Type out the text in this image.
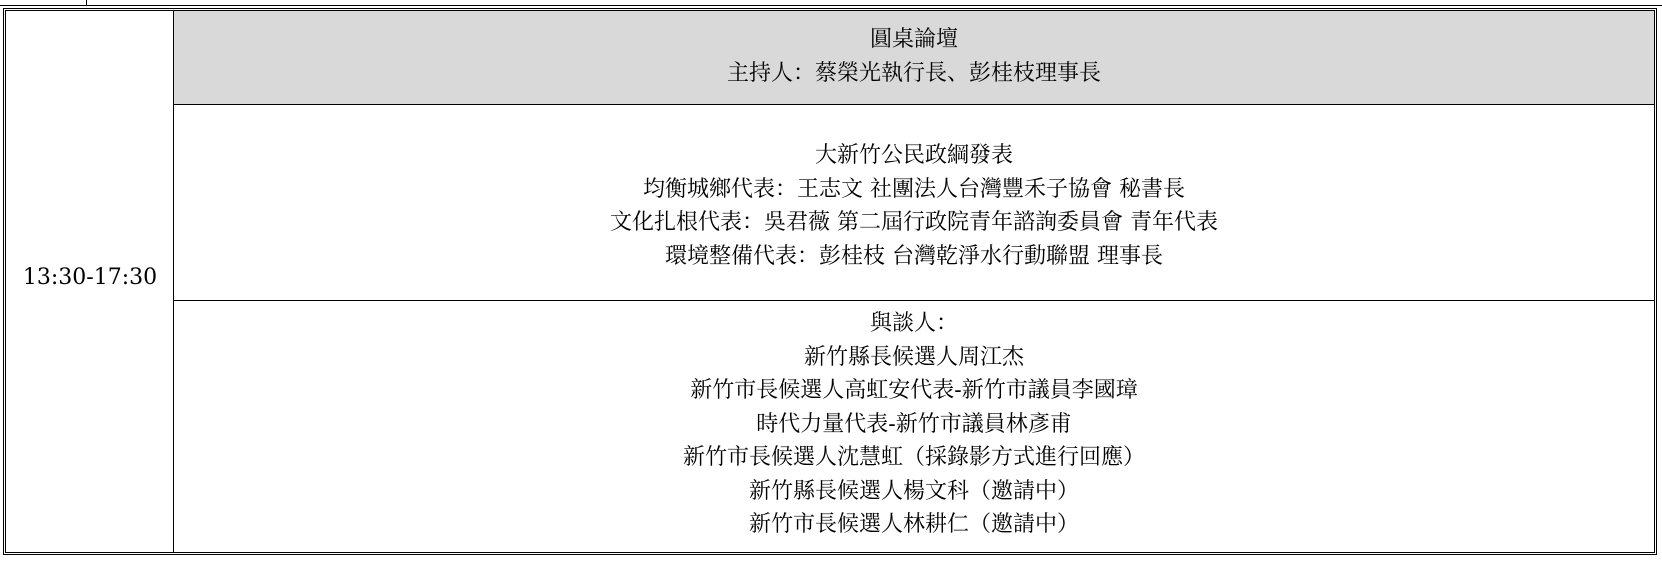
13:30-17:30
圓桌論壇
主持人：蔡榮光執行長、彭桂枝理事長
大新竹公民政綱發表
均衡城鄉代表：王志文 社團法人台灣豐禾子協會 秘書長
文化扎根代表：吳君薇 第二屆行政院青年諮詢委員會 青年代表
環境整備代表：彭桂枝 台灣乾淨水行動聯盟 理事長
與談人：
新竹縣長候選人周江杰
新竹市長候選人高虹安代表-新竹市議員李國璋
時代力量代表-新竹市議員林彥甫
新竹市長候選人沈慧虹（採錄影方式進行回應）
新竹縣長候選人楊文科（邀請中）
新竹市長候選人林耕仁（邀請中）
